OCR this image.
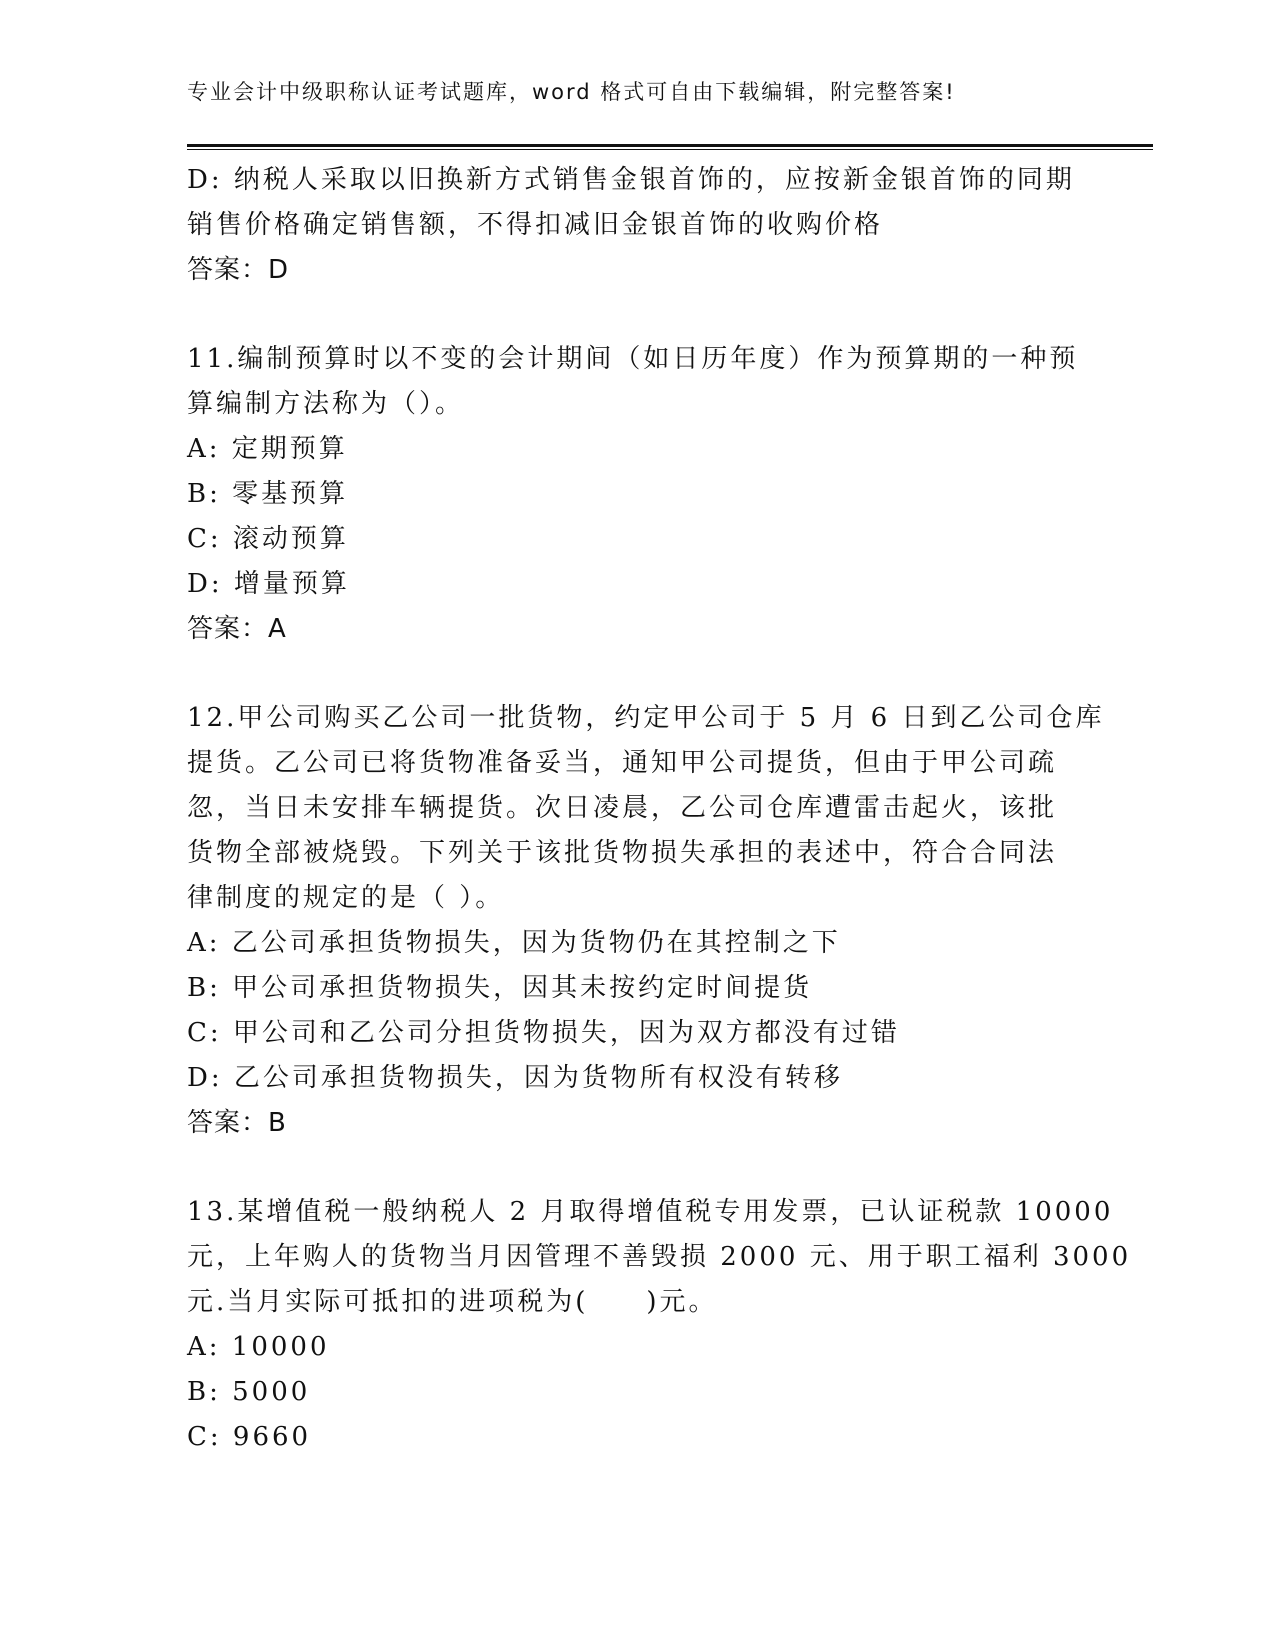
专业会计中级职称认证考试题库，word 格式可自由下载编辑，附完整答案!
D: 纳税人采取以旧换新方式销售金银首饰的，应按新金银首饰的同期
销售价格确定销售额，不得扣减旧金银首饰的收购价格
答案：D
11.编制预算时以不变的会计期间（如日历年度）作为预算期的一种预
算编制方法称为（）。
A: 定期预算
B: 零基预算
C: 滚动预算
D: 增量预算
答案：A
12.甲公司购买乙公司一批货物，约定甲公司于 5 月 6 日到乙公司仓库
提货。乙公司已将货物准备妥当，通知甲公司提货，但由于甲公司疏
忽，当日未安排车辆提货。次日凌晨，乙公司仓库遭雷击起火，该批
货物全部被烧毁。下列关于该批货物损失承担的表述中，符合合同法
律制度的规定的是（ ）。
A: 乙公司承担货物损失，因为货物仍在其控制之下
B: 甲公司承担货物损失，因其未按约定时间提货
C: 甲公司和乙公司分担货物损失，因为双方都没有过错
D: 乙公司承担货物损失，因为货物所有权没有转移
答案：B
13.某增值税一般纳税人 2 月取得增值税专用发票，已认证税款 10000
元，上年购人的货物当月因管理不善毁损 2000 元、用于职工福利 3000
元.当月实际可抵扣的进项税为(　　)元。
A: 10000
B: 5000
C: 9660
